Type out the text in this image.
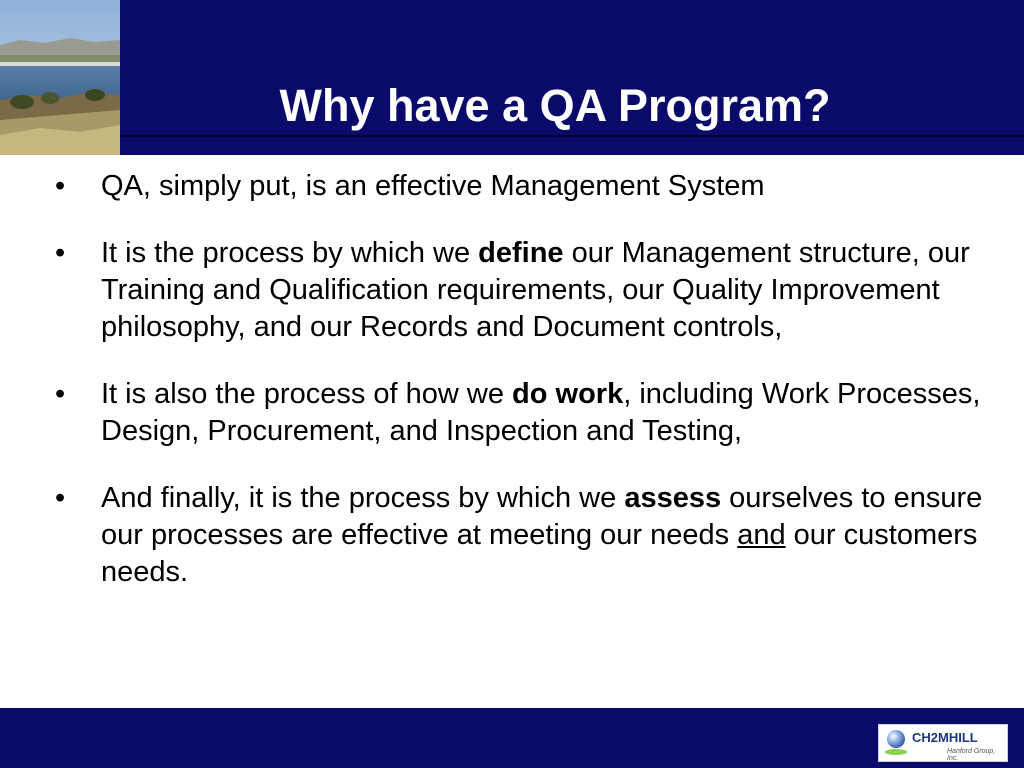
Why have a QA Program?

• QA, simply put, is an effective Management System

• It is the process by which we define our Management structure, our Training and Qualification requirements, our Quality Improvement philosophy, and our Records and Document controls,

• It is also the process of how we do work, including Work Processes, Design, Procurement, and Inspection and Testing,

• And finally, it is the process by which we assess ourselves to ensure our processes are effective at meeting our needs and our customers needs.

CH2MHILL
Hanford Group, Inc.
